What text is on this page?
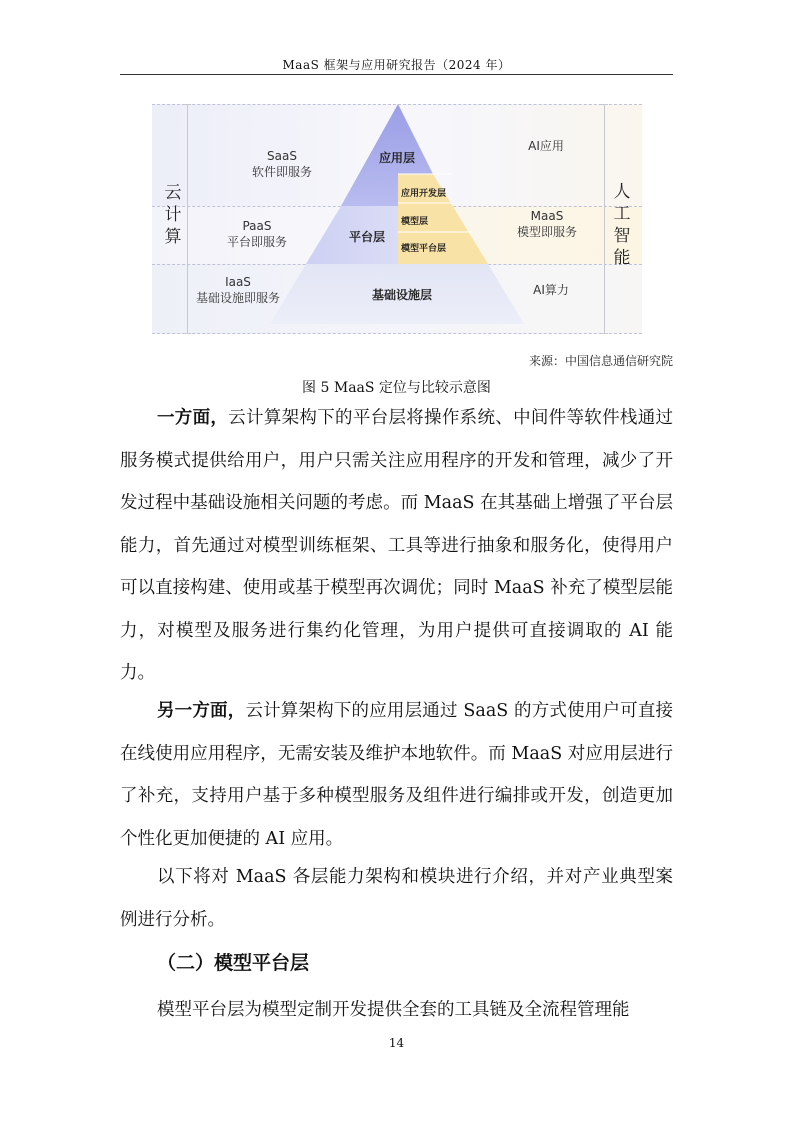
MaaS 框架与应用研究报告（2024 年）
SaaS
软件即服务
PaaS
平台即服务
IaaS
基础设施即服务
AI应用
MaaS
模型即服务
AI算力
应用层
平台层
基础设施层
应用开发层
模型层
模型平台层
云
计
算
人
工
智
能
来源：中国信息通信研究院
图 5 MaaS 定位与比较示意图
一方面，云计算架构下的平台层将操作系统、中间件等软件栈通过服务模式提供给用户，用户只需关注应用程序的开发和管理，减少了开发过程中基础设施相关问题的考虑。而 MaaS 在其基础上增强了平台层能力，首先通过对模型训练框架、工具等进行抽象和服务化，使得用户可以直接构建、使用或基于模型再次调优；同时 MaaS 补充了模型层能力，对模型及服务进行集约化管理，为用户提供可直接调取的 AI 能力。
另一方面，云计算架构下的应用层通过 SaaS 的方式使用户可直接在线使用应用程序，无需安装及维护本地软件。而 MaaS 对应用层进行了补充，支持用户基于多种模型服务及组件进行编排或开发，创造更加个性化更加便捷的 AI 应用。
以下将对 MaaS 各层能力架构和模块进行介绍，并对产业典型案例进行分析。
（二）模型平台层
模型平台层为模型定制开发提供全套的工具链及全流程管理能
14
